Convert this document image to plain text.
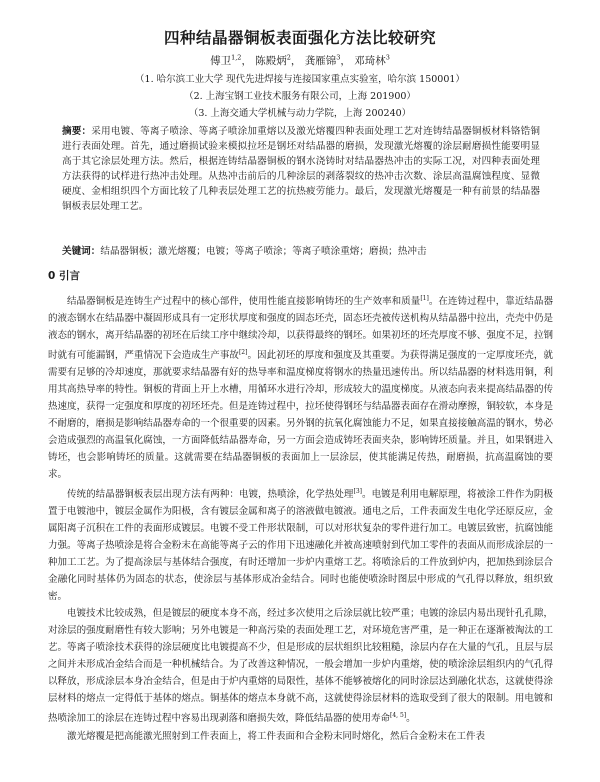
四种结晶器铜板表面强化方法比较研究
傅卫$^{1,2}$， 陈殿炳$^2$， 龚雁锦$^3$， 邓琦林$^3$
（1. 哈尔滨工业大学 现代先进焊接与连接国家重点实验室，哈尔滨 150001）
（2. 上海宝钢工业技术服务有限公司，上海 201900）
（3. 上海交通大学机械与动力学院，上海 200240）
摘要：采用电镀、等离子喷涂、等离子喷涂加重熔以及激光熔覆四种表面处理工艺对连铸结晶器铜板材料铬锆铜进行表面处理。首先，通过磨损试验来模拟拉坯是钢坯对结晶器的磨损，发现激光熔覆的涂层耐磨损性能要明显高于其它涂层处理方法。然后，根据连铸结晶器铜板的钢水浇铸时对结晶器热冲击的实际工况，对四种表面处理方法获得的试样进行热冲击处理。从热冲击前后的几种涂层的剥落裂纹的热冲击次数、涂层高温腐蚀程度、显微硬度、金相组织四个方面比较了几种表层处理工艺的抗热疲劳能力。最后，发现激光熔覆是一种有前景的结晶器铜板表层处理工艺。
关键词：结晶器铜板；激光熔覆；电镀；等离子喷涂；等离子喷涂重熔；磨损；热冲击
0 引言

结晶器铜板是连铸生产过程中的核心部件，使用性能直接影响铸坯的生产效率和质量[1]。在连铸过程中，靠近结晶器的液态钢水在结晶器中凝固形成具有一定形状厚度和强度的固态坯壳，固态坯壳被传送机构从结晶器中拉出，壳壳中仍是液态的钢水，离开结晶器的初坯在后续工序中继续冷却，以获得最终的钢坯。如果初坯的坯壳厚度不够、强度不足，拉钢时就有可能漏钢，严重情况下会造成生产事故[2]。因此初坯的厚度和强度及其重要。为获得满足强度的一定厚度坯壳，就需要有足够的冷却速度，那就要求结晶器有好的热导率和温度梯度将钢水的热量迅速传出。所以结晶器的材料选用铜，利用其高热导率的特性。铜板的背面上开上水槽，用循环水进行冷却，形成较大的温度梯度。从液态向表来提高结晶器的传热速度，获得一定强度和厚度的初坯坯壳。但是连铸过程中，拉坯使得钢坯与结晶器表面存在滑动摩擦，铜较软，本身是不耐磨的，磨损是影响结晶器寿命的一个很重要的因素。另外钢的抗氧化腐蚀能力不足，如果直接接触高温的钢水，势必会造成强烈的高温氧化腐蚀，一方面降低结晶器寿命，另一方面会造成铸坯表面夹杂，影响铸坯质量。并且，如果钢进入铸坯，也会影响铸坯的质量。这就需要在结晶器铜板的表面加上一层涂层，使其能满足传热，耐磨损，抗高温腐蚀的要求。

传统的结晶器铜板表层出现方法有两种：电镀，热喷涂，化学热处理[3]。电镀是利用电解原理，将被涂工件作为阴极置于电镀池中，镀层金属作为阳极，含有镀层金属和离子的溶液做电镀液。通电之后，工件表面发生电化学还原反应，金属阳离子沉积在工件的表面形成镀层。电镀不受工件形状限制，可以对形状复杂的零件进行加工。电镀层致密，抗腐蚀能力强。等离子热喷涂是将合金粉末在高能等离子云的作用下迅速融化并被高速喷射到代加工零件的表面从而形成涂层的一种加工工艺。为了提高涂层与基体结合强度，有时还增加一步炉内重熔工艺。将喷涂后的工件放到炉内，把加热到涂层合金融化同时基体仍为固态的状态，使涂层与基体形成冶金结合。同时也能使喷涂时图层中形成的气孔得以释放，组织致密。

电镀技术比较成熟，但是镀层的硬度本身不高，经过多次使用之后涂层就比较严重；电镀的涂层内易出现针孔孔隙，对涂层的强度耐磨性有较大影响；另外电镀是一种高污染的表面处理工艺，对环境危害严重，是一种正在逐渐被淘汰的工艺。等离子喷涂技术获得的涂层硬度比电镀提高不少，但是形成的层状组织比较粗糙，涂层内存在大量的气孔，且层与层之间并未形成冶金结合而是一种机械结合。为了改善这种情况，一般会增加一步炉内重熔，使的喷涂涂层组织内的气孔得以释放，形成涂层本身冶金结合，但是由于炉内重熔的局限性，基体不能够被熔化的同时涂层达到融化状态，这就使得涂层材料的熔点一定得低于基体的熔点。铜基体的熔点本身就不高，这就使得涂层材料的选取受到了很大的限制。用电镀和热喷涂加工的涂层在连铸过程中容易出现剥落和磨损失效，降低结晶器的使用寿命[4, 5]。

激光熔覆是把高能激光照射到工件表面上，将工件表面和合金粉末同时熔化，然后合金粉末在工件表
